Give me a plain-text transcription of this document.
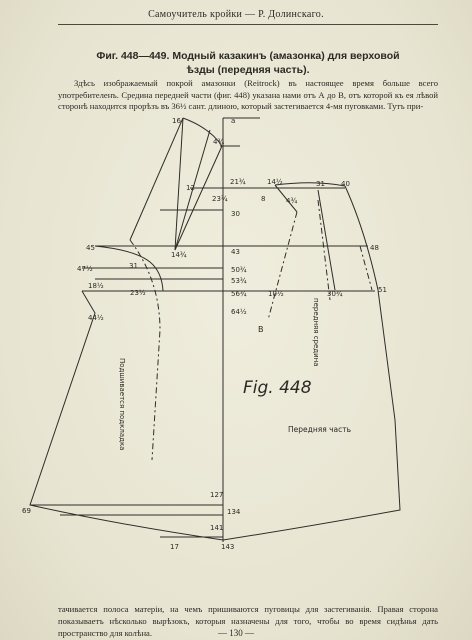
Самоучитель кройки — Р. Долинскаго.
Фиг. 448—449. Модный казакинъ (амазонка) для верховой
ѣзды (передняя часть).
Здѣсь изображаемый покрой амазонки (Reitrock) въ настоящее время больше всего употребителенъ. Средина передней части (фиг. 448) указана нами отъ А до В, отъ которой къ ея лѣвой сторонѣ находится прорѣзъ въ 36½ сант. длиною, который застегивается 4-мя пуговками. Тутъ при-
16	a
4¾
12
21¾	14½	31 40
8
23¾
30
4¾
45	43	48
47½	31
14¾
50¾
53¾
18½
23½	56¾	10½	30¾	51
44½
64½
B
127
69	134
141
17	143
Fig. 448
Передняя часть
Подшивается подкладка
передняя средина
тачивается полоса матеріи, на чемъ пришиваются пуговицы для застегиванія. Правая сторона показываетъ нѣсколько вырѣзокъ, которыя назначены для того, чтобы во время сидѣнья дать пространство для колѣна.	— 130 —
